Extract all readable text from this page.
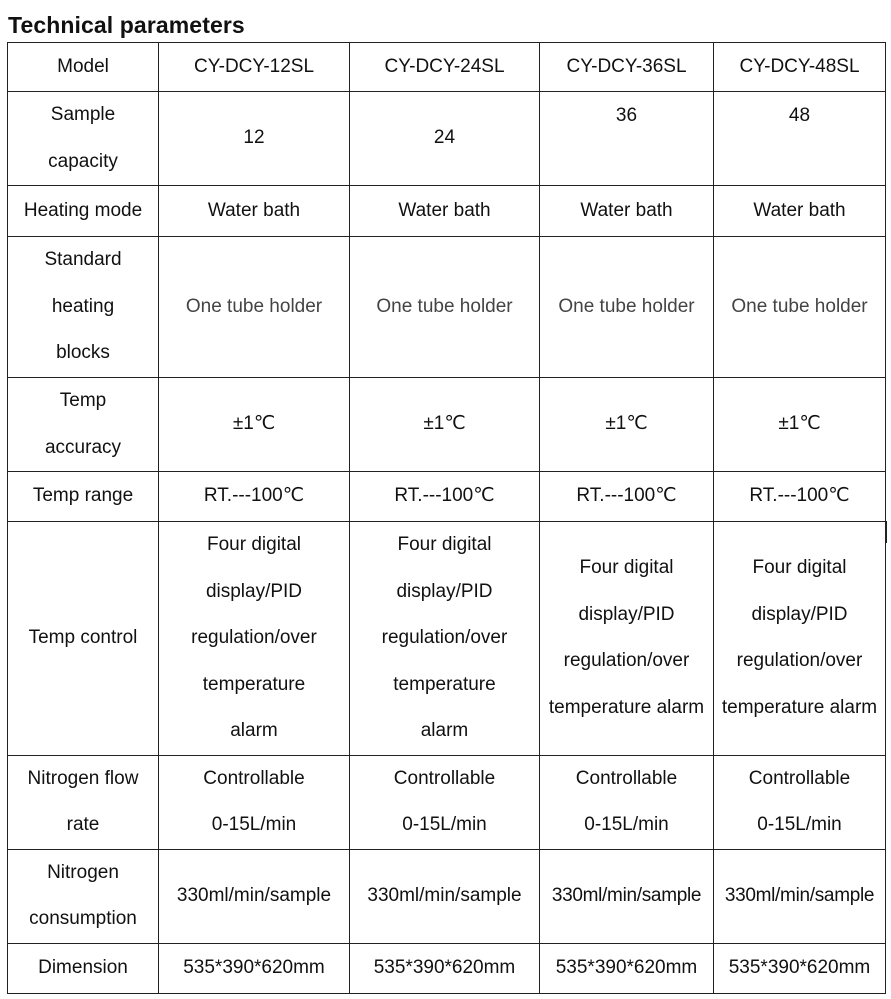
Technical parameters
Model	CY-DCY-12SL	CY-DCY-24SL	CY-DCY-36SL	CY-DCY-48SL
Sample capacity	12	24	36	48
Heating mode	Water bath	Water bath	Water bath	Water bath
Standard heating blocks	One tube holder	One tube holder	One tube holder	One tube holder
Temp accuracy	±1℃	±1℃	±1℃	±1℃
Temp range	RT.---100℃	RT.---100℃	RT.---100℃	RT.---100℃
Temp control	Four digital display/PID regulation/over temperature alarm	Four digital display/PID regulation/over temperature alarm	Four digital display/PID regulation/over temperature alarm	Four digital display/PID regulation/over temperature alarm
Nitrogen flow rate	Controllable 0-15L/min	Controllable 0-15L/min	Controllable 0-15L/min	Controllable 0-15L/min
Nitrogen consumption	330ml/min/sample	330ml/min/sample	330ml/min/sample	330ml/min/sample
Dimension	535*390*620mm	535*390*620mm	535*390*620mm	535*390*620mm
